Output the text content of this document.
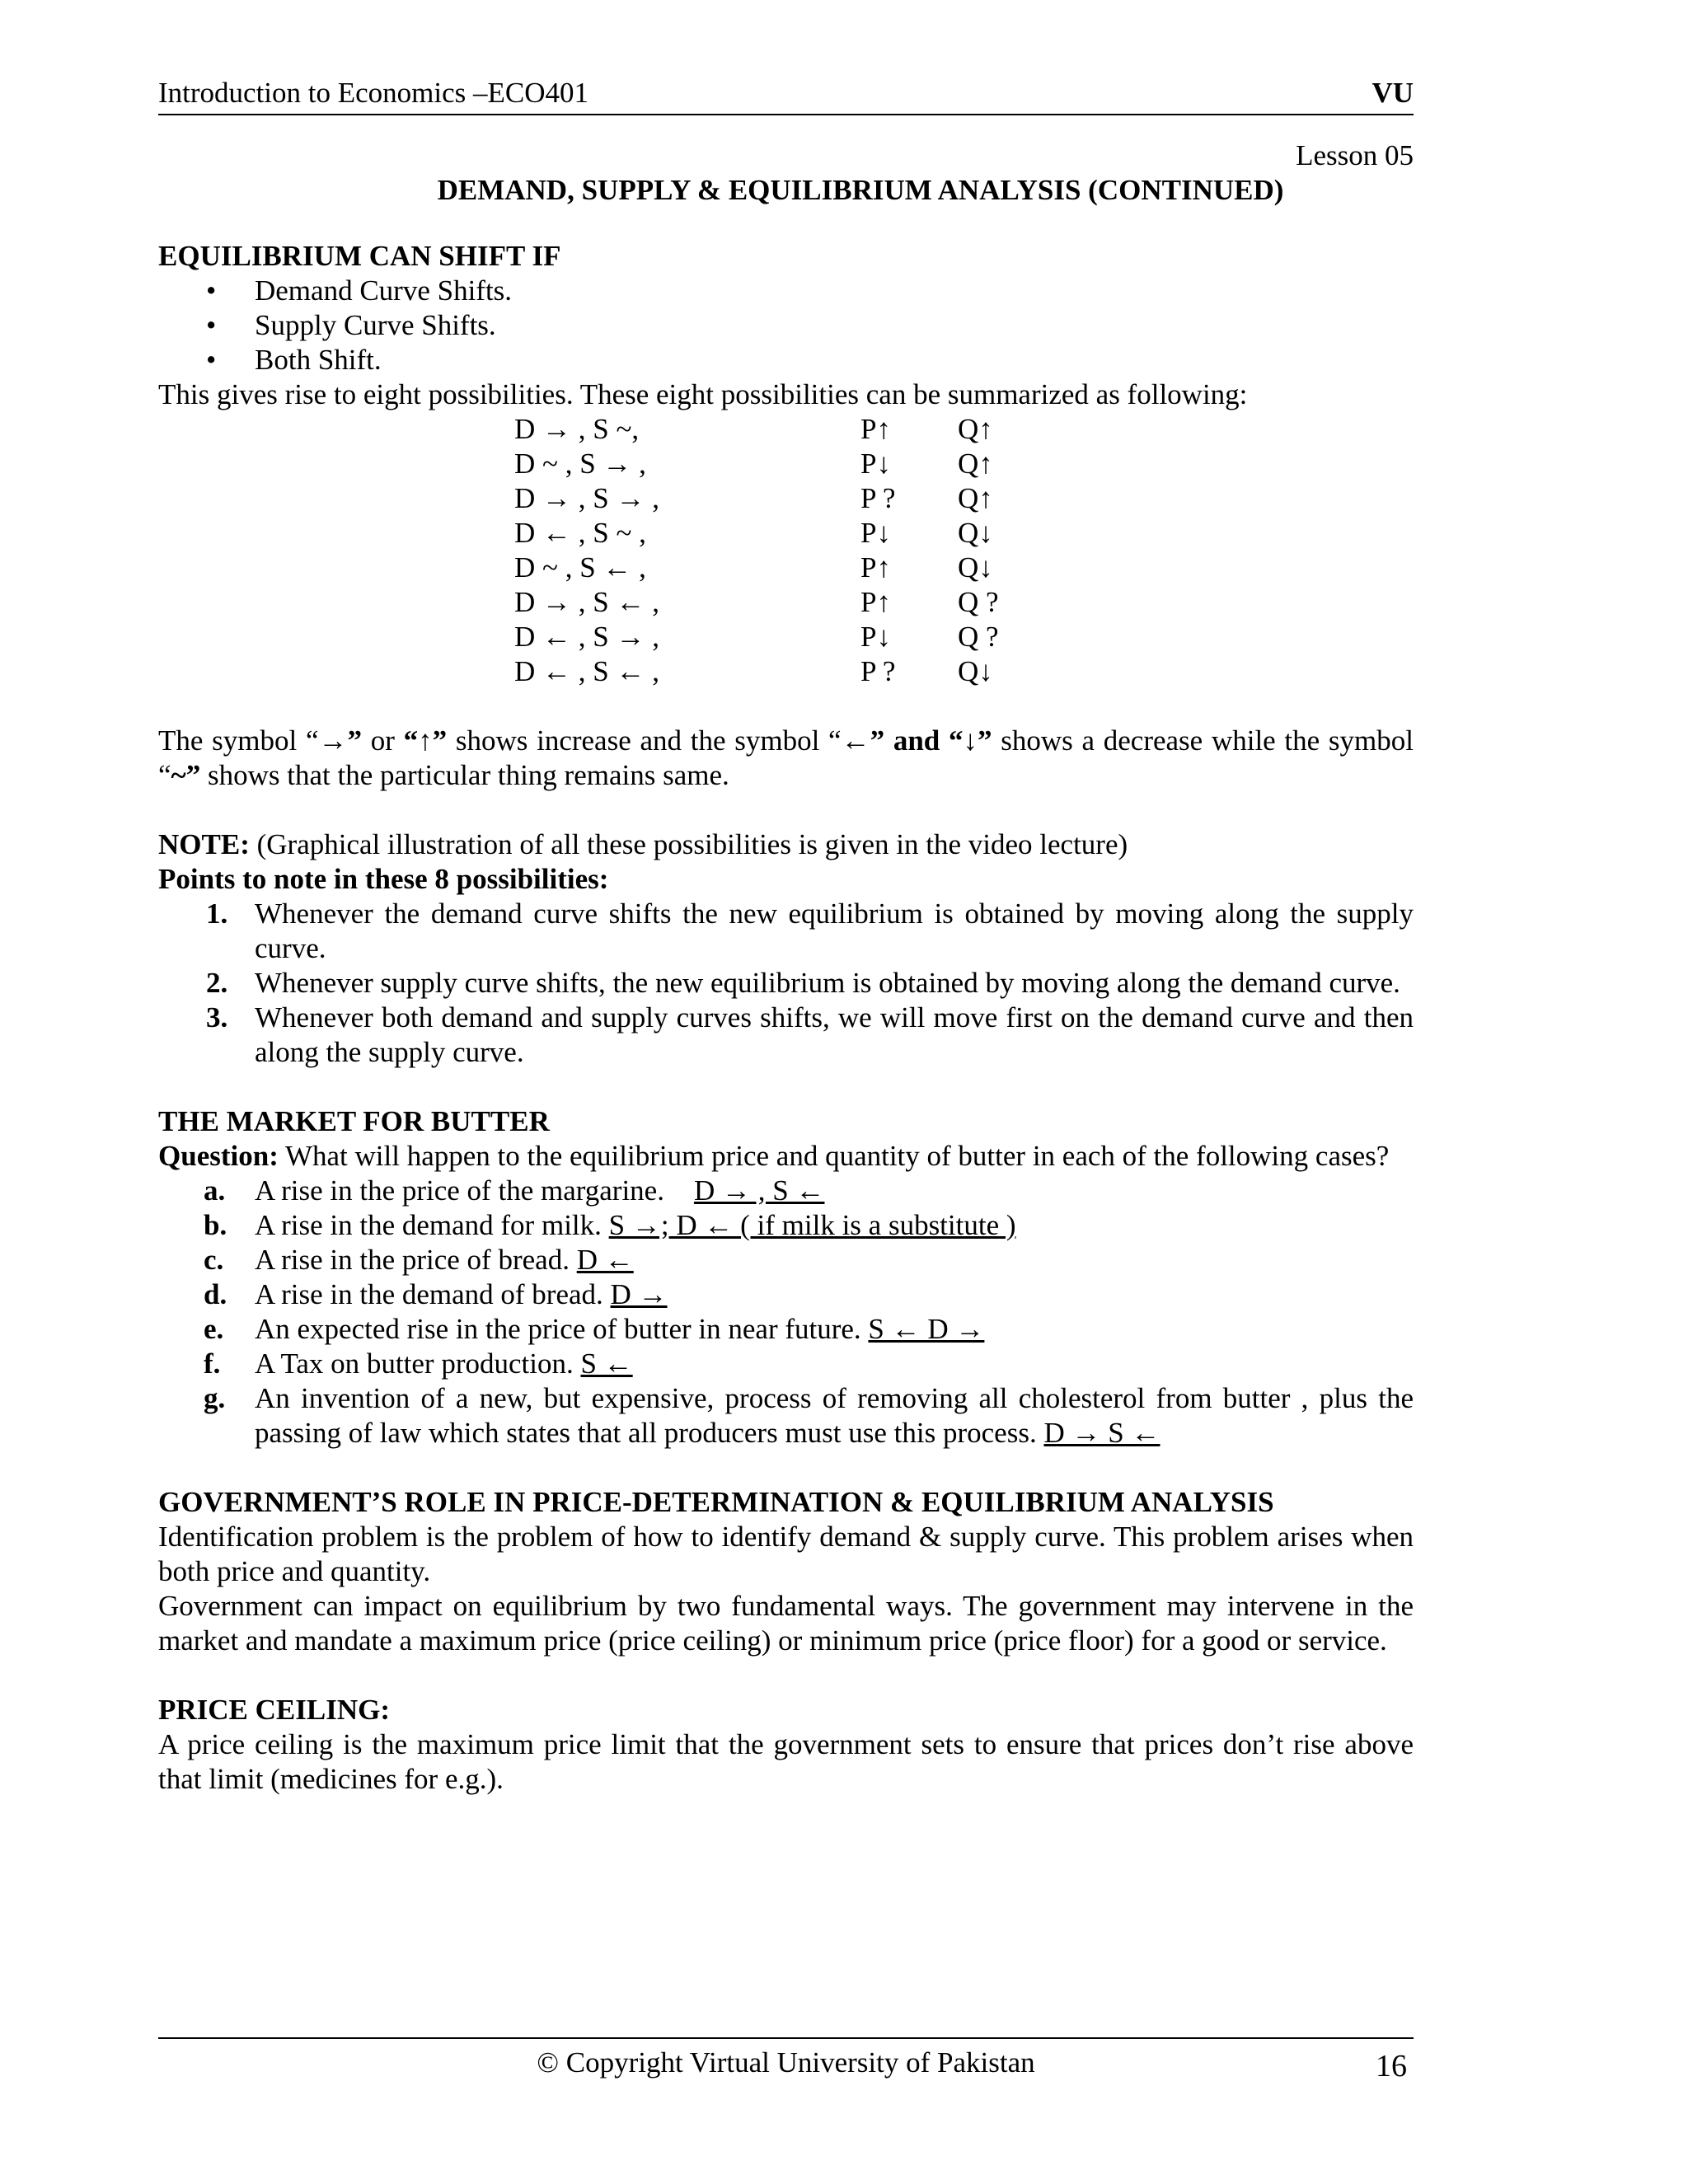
Introduction to Economics –ECO401	VU
Lesson 05
DEMAND, SUPPLY & EQUILIBRIUM ANALYSIS (CONTINUED)
EQUILIBRIUM CAN SHIFT IF
• Demand Curve Shifts.
• Supply Curve Shifts.
• Both Shift.

This gives rise to eight possibilities. These eight possibilities can be summarized as following:

D → , S ~,	P↑	Q↑
D ~ , S → ,	P↓	Q↑
D → , S → ,	P ?	Q↑
D ← , S ~ ,	P↓	Q↓
D ~ , S ← ,	P↑	Q↓
D → , S ← ,	P↑	Q ?
D ← , S → ,	P↓	Q ?
D ← , S ← ,	P ?	Q↓

The symbol “→” or “↑” shows increase and the symbol “←” and “↓” shows a decrease while the symbol “~” shows that the particular thing remains same.

NOTE: (Graphical illustration of all these possibilities is given in the video lecture)

Points to note in these 8 possibilities:
1. Whenever the demand curve shifts the new equilibrium is obtained by moving along the supply curve.
2. Whenever supply curve shifts, the new equilibrium is obtained by moving along the demand curve.
3. Whenever both demand and supply curves shifts, we will move first on the demand curve and then along the supply curve.
THE MARKET FOR BUTTER

Question: What will happen to the equilibrium price and quantity of butter in each of the following cases?

a. A rise in the price of the margarine. D → , S ←
b. A rise in the demand for milk. S →; D ← ( if milk is a substitute )
c. A rise in the price of bread. D ←
d. A rise in the demand of bread. D →
e. An expected rise in the price of butter in near future. S ← D →
f. A Tax on butter production. S ←
g. An invention of a new, but expensive, process of removing all cholesterol from butter , plus the passing of law which states that all producers must use this process. D → S ←
GOVERNMENT’S ROLE IN PRICE-DETERMINATION & EQUILIBRIUM ANALYSIS

Identification problem is the problem of how to identify demand & supply curve. This problem arises when both price and quantity.

Government can impact on equilibrium by two fundamental ways. The government may intervene in the market and mandate a maximum price (price ceiling) or minimum price (price floor) for a good or service.

PRICE CEILING:

A price ceiling is the maximum price limit that the government sets to ensure that prices don’t rise above that limit (medicines for e.g.).

© Copyright Virtual University of Pakistan	16
